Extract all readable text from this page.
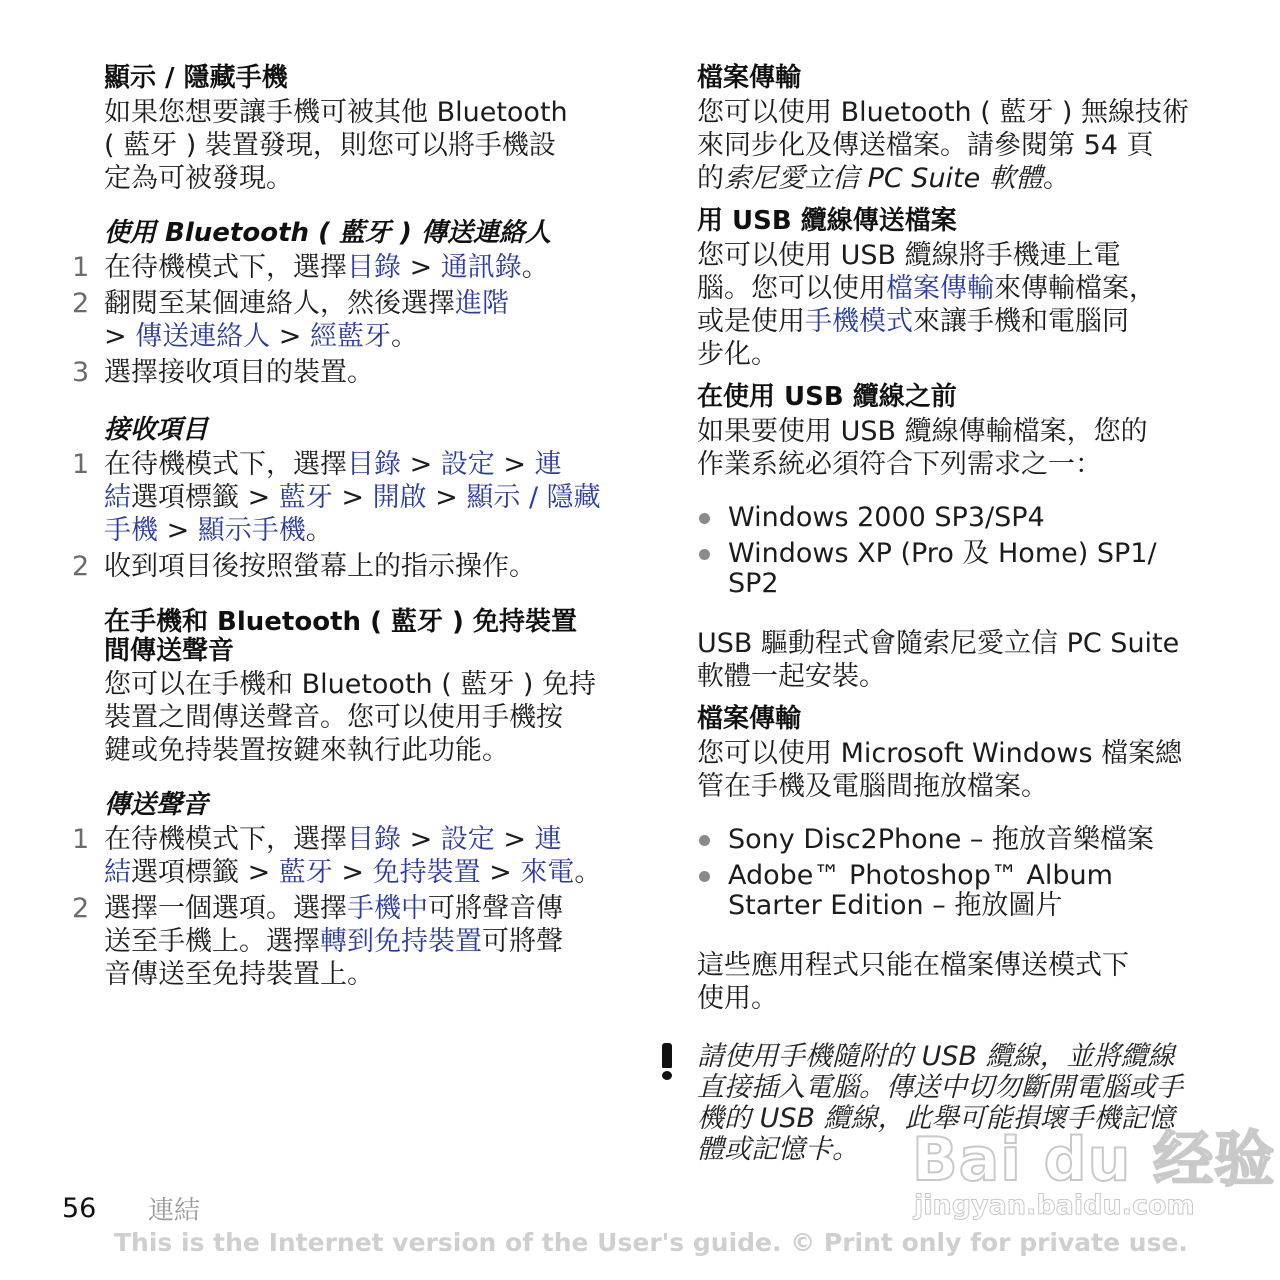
顯示 / 隱藏手機
如果您想要讓手機可被其他 Bluetooth
( 藍牙 ) 裝置發現，則您可以將手機設
定為可被發現。
使用 Bluetooth ( 藍牙 ) 傳送連絡人
1 在待機模式下，選擇目錄 > 通訊錄。
2 翻閱至某個連絡人，然後選擇進階
> 傳送連絡人 > 經藍牙。
3 選擇接收項目的裝置。
接收項目
1 在待機模式下，選擇目錄 > 設定 > 連
結選項標籤 > 藍牙 > 開啟 > 顯示 / 隱藏
手機 > 顯示手機。
2 收到項目後按照螢幕上的指示操作。
在手機和 Bluetooth ( 藍牙 ) 免持裝置
間傳送聲音
您可以在手機和 Bluetooth ( 藍牙 ) 免持
裝置之間傳送聲音。您可以使用手機按
鍵或免持裝置按鍵來執行此功能。
傳送聲音
1 在待機模式下，選擇目錄 > 設定 > 連
結選項標籤 > 藍牙 > 免持裝置 > 來電。
2 選擇一個選項。選擇手機中可將聲音傳
送至手機上。選擇轉到免持裝置可將聲
音傳送至免持裝置上。
檔案傳輸
您可以使用 Bluetooth ( 藍牙 ) 無線技術
來同步化及傳送檔案。請參閱第 54 頁
的索尼愛立信 PC Suite 軟體。
用 USB 纜線傳送檔案
您可以使用 USB 纜線將手機連上電
腦。您可以使用檔案傳輸來傳輸檔案，
或是使用手機模式來讓手機和電腦同
步化。
在使用 USB 纜線之前
如果要使用 USB 纜線傳輸檔案，您的
作業系統必須符合下列需求之一：
Windows 2000 SP3/SP4
Windows XP (Pro 及 Home) SP1/
SP2
USB 驅動程式會隨索尼愛立信 PC Suite
軟體一起安裝。
檔案傳輸
您可以使用 Microsoft Windows 檔案總
管在手機及電腦間拖放檔案。
Sony Disc2Phone – 拖放音樂檔案
Adobe™ Photoshop™ Album
Starter Edition – 拖放圖片
這些應用程式只能在檔案傳送模式下
使用。
請使用手機隨附的 USB 纜線，並將纜線
直接插入電腦。傳送中切勿斷開電腦或手
機的 USB 纜線，此舉可能損壞手機記憶
體或記憶卡。 Bai du 经验
jingyan.baidu.com
56 連結
This is the Internet version of the User's guide. © Print only for private use.
